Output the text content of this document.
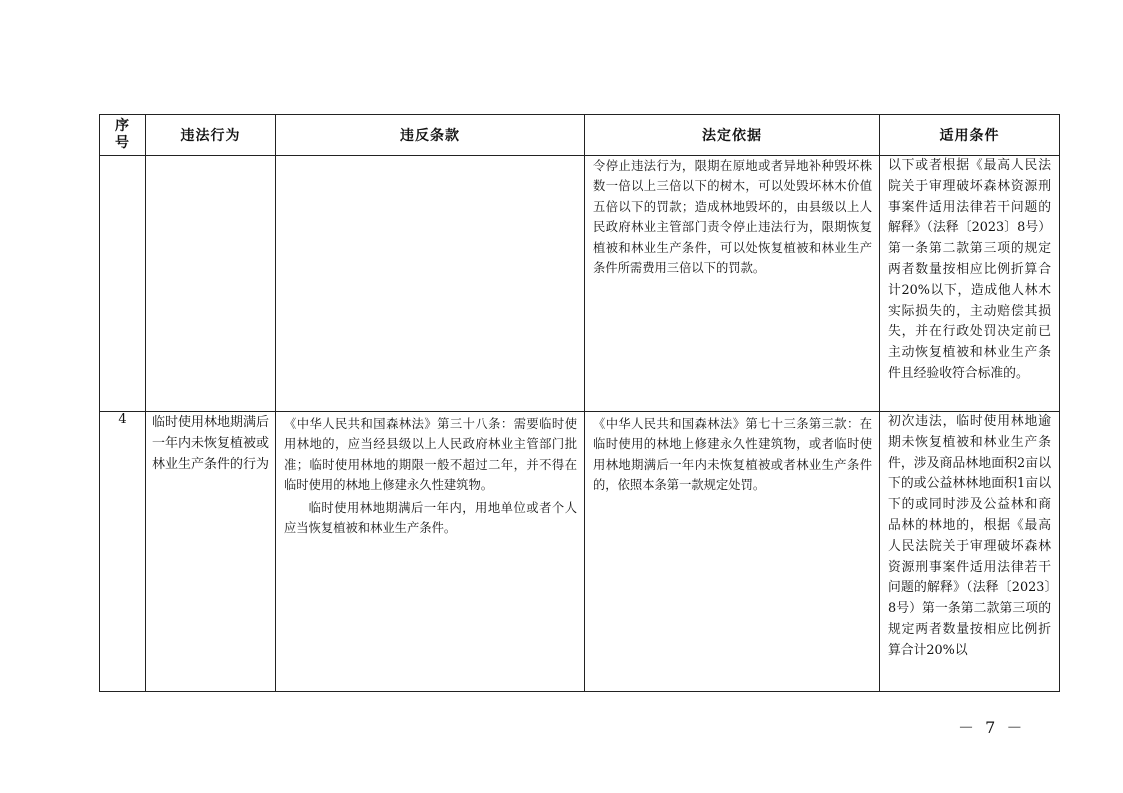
序号	违法行为	违反条款	法定依据	适用条件

			令停止违法行为，限期在原地或者异地补种毁坏株数一倍以上三倍以下的树木，可以处毁坏林木价值五倍以下的罚款；造成林地毁坏的，由县级以上人民政府林业主管部门责令停止违法行为，限期恢复植被和林业生产条件，可以处恢复植被和林业生产条件所需费用三倍以下的罚款。	以下或者根据《最高人民法院关于审理破坏森林资源刑事案件适用法律若干问题的解释》（法释〔2023〕8号）第一条第二款第三项的规定两者数量按相应比例折算合计20%以下，造成他人林木实际损失的，主动赔偿其损失，并在行政处罚决定前已主动恢复植被和林业生产条件且经验收符合标准的。

4	临时使用林地期满后一年内未恢复植被或林业生产条件的行为	《中华人民共和国森林法》第三十八条：需要临时使用林地的，应当经县级以上人民政府林业主管部门批准；临时使用林地的期限一般不超过二年，并不得在临时使用的林地上修建永久性建筑物。
临时使用林地期满后一年内，用地单位或者个人应当恢复植被和林业生产条件。	《中华人民共和国森林法》第七十三条第三款：在临时使用的林地上修建永久性建筑物，或者临时使用林地期满后一年内未恢复植被或者林业生产条件的，依照本条第一款规定处罚。	初次违法，临时使用林地逾期未恢复植被和林业生产条件，涉及商品林地面积2亩以下的或公益林林地面积1亩以下的或同时涉及公益林和商品林的林地的，根据《最高人民法院关于审理破坏森林资源刑事案件适用法律若干问题的解释》（法释〔2023〕8号）第一条第二款第三项的规定两者数量按相应比例折算合计20%以
－ 7 －
